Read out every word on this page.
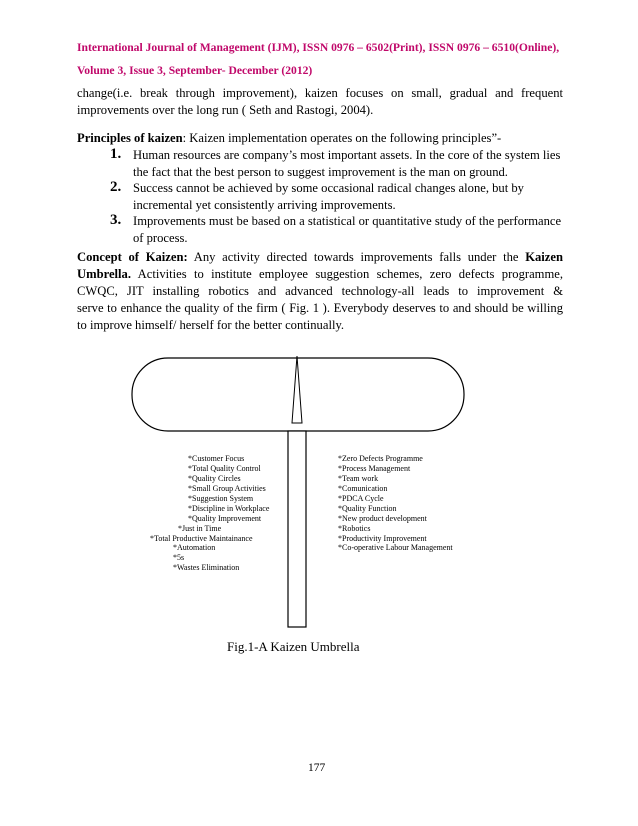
International Journal of Management (IJM), ISSN 0976 – 6502(Print), ISSN 0976 – 6510(Online),
Volume 3, Issue 3, September- December (2012)

change(i.e. break through improvement), kaizen focuses on small, gradual and frequent

improvements over the long run ( Seth and Rastogi, 2004).

Principles of kaizen: Kaizen implementation operates on the following principles”-
1. Human resources are company’s most important assets. In the core of the system lies
the fact that the best person to suggest improvement is the man on ground.
2. Success cannot be achieved by some occasional radical changes alone, but by
incremental yet consistently arriving improvements.
3. Improvements must be based on a statistical or quantitative study of the performance
of process.
Concept of Kaizen: Any activity directed towards improvements falls under the Kaizen
Umbrella. Activities to institute employee suggestion schemes, zero defects programme,
CWQC, JIT installing robotics and advanced technology-all leads to improvement &
serve to enhance the quality of the firm ( Fig. 1 ). Everybody deserves to and should be willing
to improve himself/ herself for the better continually.
*Customer Focus
*Total Quality Control
*Quality Circles
*Small Group Activities
*Suggestion System
*Discipline in Workplace
*Quality Improvement
*Just in Time
*Total Productive Maintainance
*Automation
*5s
*Wastes Elimination
*Zero Defects Programme
*Process Management
*Team work
*Comunication
*PDCA Cycle
*Quality Function
*New product development
*Robotics
*Productivity Improvement
*Co-operative Labour Management
Fig.1-A Kaizen Umbrella
177
